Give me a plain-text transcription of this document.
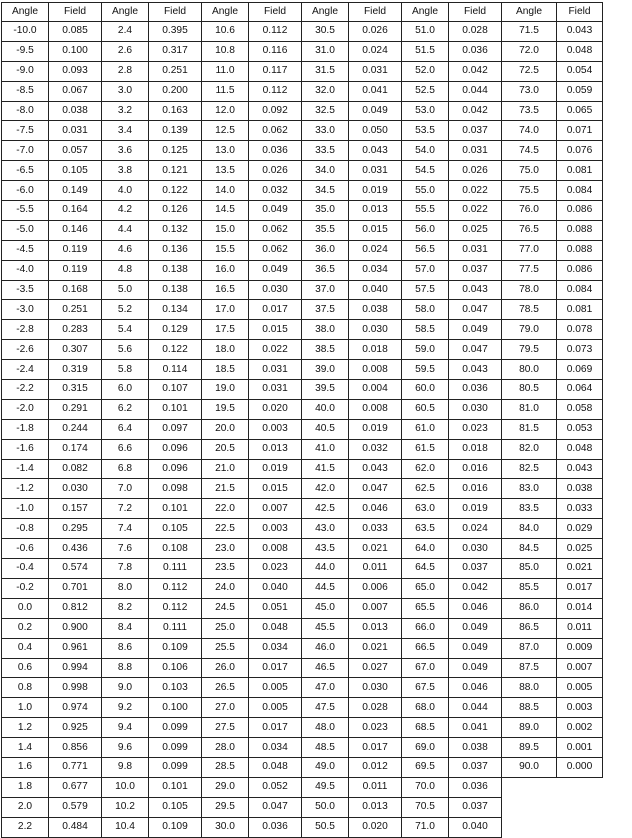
Angle	Field	Angle	Field	Angle	Field	Angle	Field	Angle	Field	Angle	Field
-10.0	0.085	2.4	0.395	10.6	0.112	30.5	0.026	51.0	0.028	71.5	0.043
-9.5	0.100	2.6	0.317	10.8	0.116	31.0	0.024	51.5	0.036	72.0	0.048
-9.0	0.093	2.8	0.251	11.0	0.117	31.5	0.031	52.0	0.042	72.5	0.054
-8.5	0.067	3.0	0.200	11.5	0.112	32.0	0.041	52.5	0.044	73.0	0.059
-8.0	0.038	3.2	0.163	12.0	0.092	32.5	0.049	53.0	0.042	73.5	0.065
-7.5	0.031	3.4	0.139	12.5	0.062	33.0	0.050	53.5	0.037	74.0	0.071
-7.0	0.057	3.6	0.125	13.0	0.036	33.5	0.043	54.0	0.031	74.5	0.076
-6.5	0.105	3.8	0.121	13.5	0.026	34.0	0.031	54.5	0.026	75.0	0.081
-6.0	0.149	4.0	0.122	14.0	0.032	34.5	0.019	55.0	0.022	75.5	0.084
-5.5	0.164	4.2	0.126	14.5	0.049	35.0	0.013	55.5	0.022	76.0	0.086
-5.0	0.146	4.4	0.132	15.0	0.062	35.5	0.015	56.0	0.025	76.5	0.088
-4.5	0.119	4.6	0.136	15.5	0.062	36.0	0.024	56.5	0.031	77.0	0.088
-4.0	0.119	4.8	0.138	16.0	0.049	36.5	0.034	57.0	0.037	77.5	0.086
-3.5	0.168	5.0	0.138	16.5	0.030	37.0	0.040	57.5	0.043	78.0	0.084
-3.0	0.251	5.2	0.134	17.0	0.017	37.5	0.038	58.0	0.047	78.5	0.081
-2.8	0.283	5.4	0.129	17.5	0.015	38.0	0.030	58.5	0.049	79.0	0.078
-2.6	0.307	5.6	0.122	18.0	0.022	38.5	0.018	59.0	0.047	79.5	0.073
-2.4	0.319	5.8	0.114	18.5	0.031	39.0	0.008	59.5	0.043	80.0	0.069
-2.2	0.315	6.0	0.107	19.0	0.031	39.5	0.004	60.0	0.036	80.5	0.064
-2.0	0.291	6.2	0.101	19.5	0.020	40.0	0.008	60.5	0.030	81.0	0.058
-1.8	0.244	6.4	0.097	20.0	0.003	40.5	0.019	61.0	0.023	81.5	0.053
-1.6	0.174	6.6	0.096	20.5	0.013	41.0	0.032	61.5	0.018	82.0	0.048
-1.4	0.082	6.8	0.096	21.0	0.019	41.5	0.043	62.0	0.016	82.5	0.043
-1.2	0.030	7.0	0.098	21.5	0.015	42.0	0.047	62.5	0.016	83.0	0.038
-1.0	0.157	7.2	0.101	22.0	0.007	42.5	0.046	63.0	0.019	83.5	0.033
-0.8	0.295	7.4	0.105	22.5	0.003	43.0	0.033	63.5	0.024	84.0	0.029
-0.6	0.436	7.6	0.108	23.0	0.008	43.5	0.021	64.0	0.030	84.5	0.025
-0.4	0.574	7.8	0.111	23.5	0.023	44.0	0.011	64.5	0.037	85.0	0.021
-0.2	0.701	8.0	0.112	24.0	0.040	44.5	0.006	65.0	0.042	85.5	0.017
0.0	0.812	8.2	0.112	24.5	0.051	45.0	0.007	65.5	0.046	86.0	0.014
0.2	0.900	8.4	0.111	25.0	0.048	45.5	0.013	66.0	0.049	86.5	0.011
0.4	0.961	8.6	0.109	25.5	0.034	46.0	0.021	66.5	0.049	87.0	0.009
0.6	0.994	8.8	0.106	26.0	0.017	46.5	0.027	67.0	0.049	87.5	0.007
0.8	0.998	9.0	0.103	26.5	0.005	47.0	0.030	67.5	0.046	88.0	0.005
1.0	0.974	9.2	0.100	27.0	0.005	47.5	0.028	68.0	0.044	88.5	0.003
1.2	0.925	9.4	0.099	27.5	0.017	48.0	0.023	68.5	0.041	89.0	0.002
1.4	0.856	9.6	0.099	28.0	0.034	48.5	0.017	69.0	0.038	89.5	0.001
1.6	0.771	9.8	0.099	28.5	0.048	49.0	0.012	69.5	0.037	90.0	0.000
1.8	0.677	10.0	0.101	29.0	0.052	49.5	0.011	70.0	0.036		
2.0	0.579	10.2	0.105	29.5	0.047	50.0	0.013	70.5	0.037		
2.2	0.484	10.4	0.109	30.0	0.036	50.5	0.020	71.0	0.040		
